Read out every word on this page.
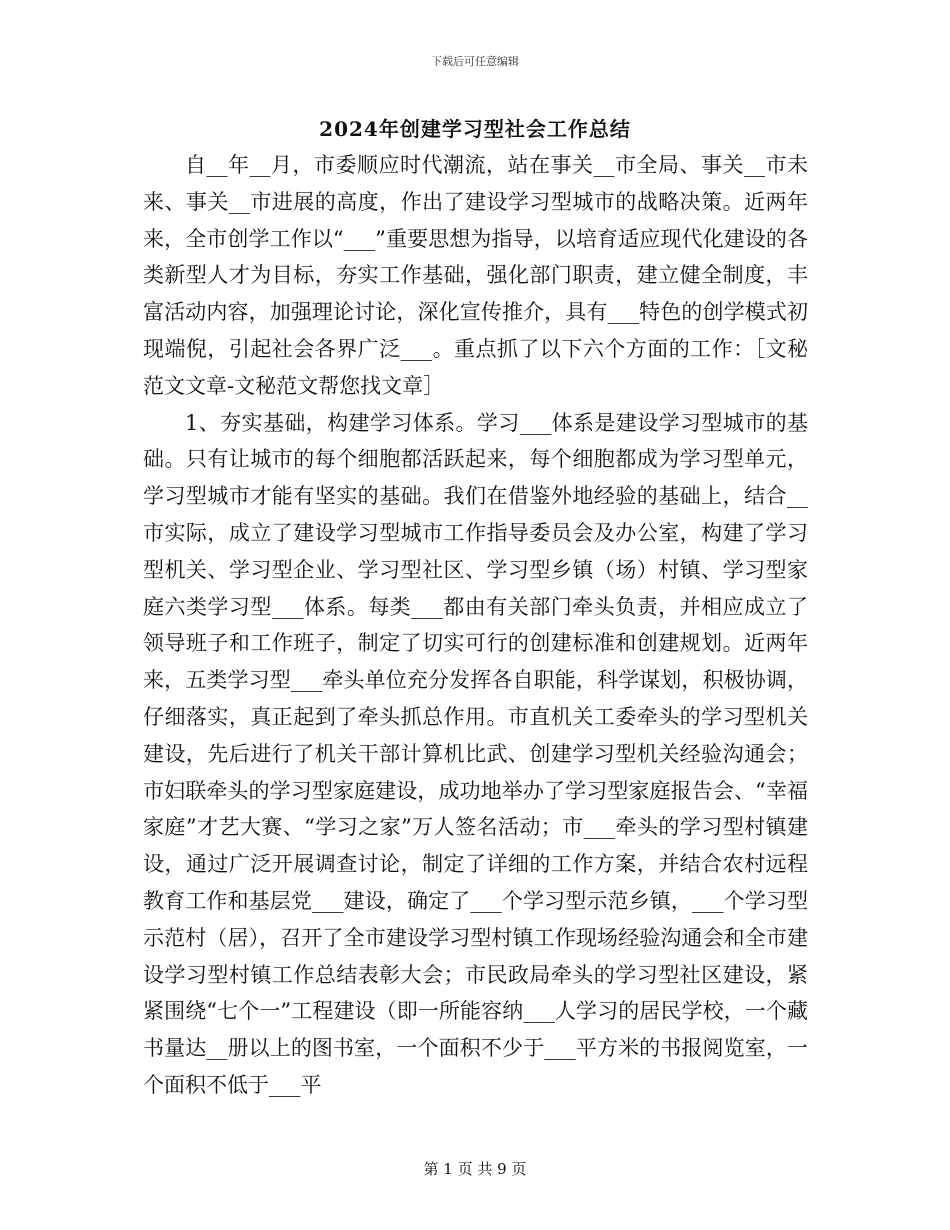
下载后可任意编辑
2024年创建学习型社会工作总结

自__年__月，市委顺应时代潮流，站在事关__市全局、事关__市未来、事关__市进展的高度，作出了建设学习型城市的战略决策。近两年来，全市创学工作以“___”重要思想为指导，以培育适应现代化建设的各类新型人才为目标，夯实工作基础，强化部门职责，建立健全制度，丰富活动内容，加强理论讨论，深化宣传推介，具有___特色的创学模式初现端倪，引起社会各界广泛___。重点抓了以下六个方面的工作：［文秘范文文章-文秘范文帮您找文章］

1、夯实基础，构建学习体系。学习___体系是建设学习型城市的基础。只有让城市的每个细胞都活跃起来，每个细胞都成为学习型单元，学习型城市才能有坚实的基础。我们在借鉴外地经验的基础上，结合__市实际，成立了建设学习型城市工作指导委员会及办公室，构建了学习型机关、学习型企业、学习型社区、学习型乡镇（场）村镇、学习型家庭六类学习型___体系。每类___都由有关部门牵头负责，并相应成立了领导班子和工作班子，制定了切实可行的创建标准和创建规划。近两年来，五类学习型___牵头单位充分发挥各自职能，科学谋划，积极协调，仔细落实，真正起到了牵头抓总作用。市直机关工委牵头的学习型机关建设，先后进行了机关干部计算机比武、创建学习型机关经验沟通会；市妇联牵头的学习型家庭建设，成功地举办了学习型家庭报告会、“幸福家庭”才艺大赛、“学习之家”万人签名活动；市___牵头的学习型村镇建设，通过广泛开展调查讨论，制定了详细的工作方案，并结合农村远程教育工作和基层党___建设，确定了___个学习型示范乡镇，___个学习型示范村（居），召开了全市建设学习型村镇工作现场经验沟通会和全市建设学习型村镇工作总结表彰大会；市民政局牵头的学习型社区建设，紧紧围绕“七个一”工程建设（即一所能容纳___人学习的居民学校，一个藏书量达__册以上的图书室，一个面积不少于___平方米的书报阅览室，一个面积不低于___平

第 1 页 共 9 页
